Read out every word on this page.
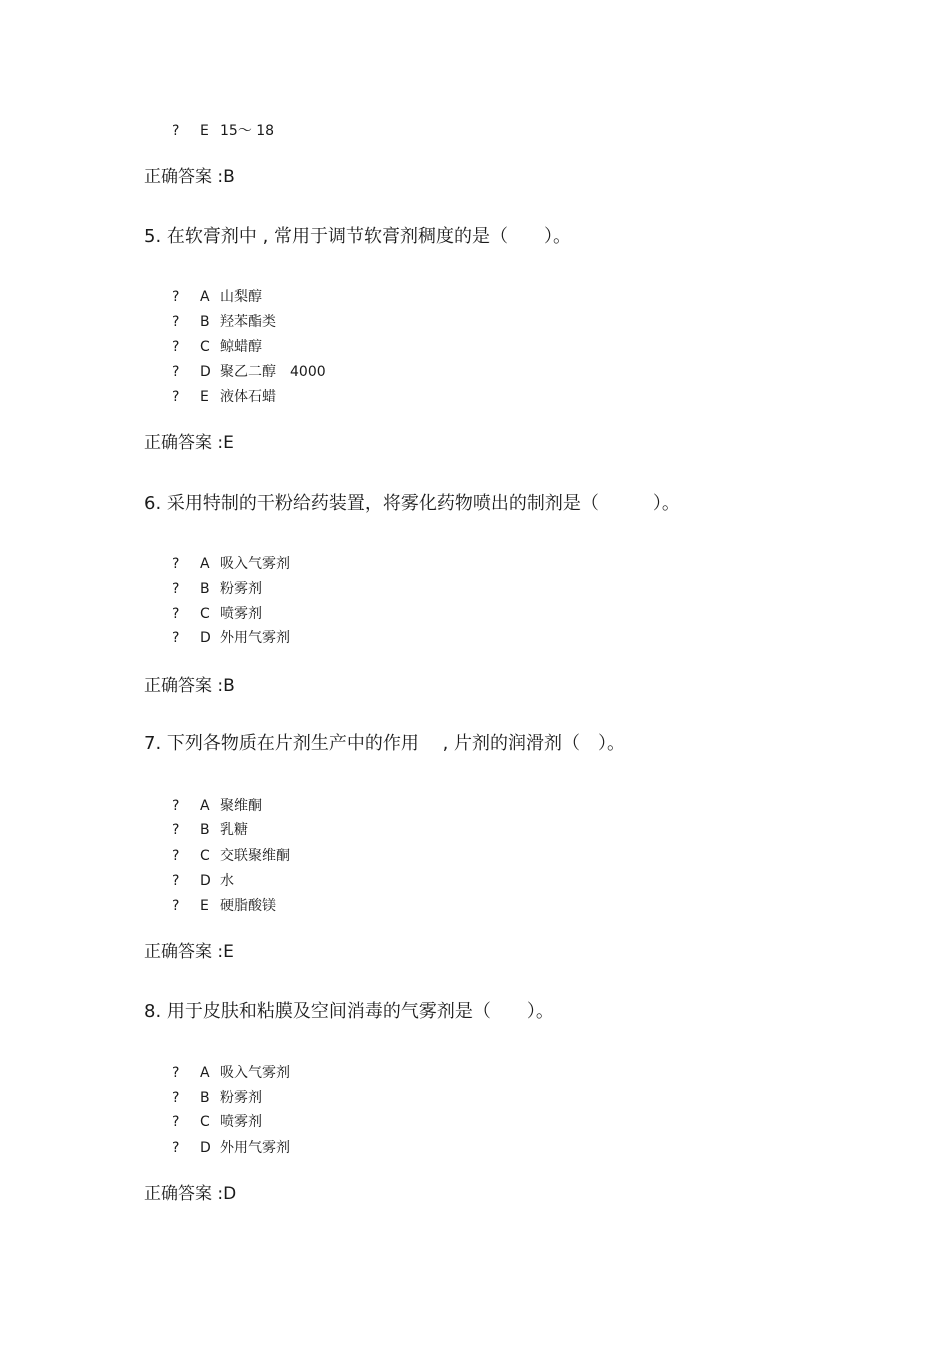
? E 15～ 18
正确答案 :B
5. 在软膏剂中 , 常用于调节软膏剂稠度的是（　　）。
? A 山梨醇
? B 羟苯酯类
? C 鲸蜡醇
? D 聚乙二醇　4000
? E 液体石蜡
正确答案 :E
6. 采用特制的干粉给药装置，将雾化药物喷出的制剂是（　　　）。
? A 吸入气雾剂
? B 粉雾剂
? C 喷雾剂
? D 外用气雾剂
正确答案 :B
7. 下列各物质在片剂生产中的作用　 , 片剂的润滑剂（　）。
? A 聚维酮
? B 乳糖
? C 交联聚维酮
? D 水
? E 硬脂酸镁
正确答案 :E
8. 用于皮肤和粘膜及空间消毒的气雾剂是（　　）。
? A 吸入气雾剂
? B 粉雾剂
? C 喷雾剂
? D 外用气雾剂
正确答案 :D
